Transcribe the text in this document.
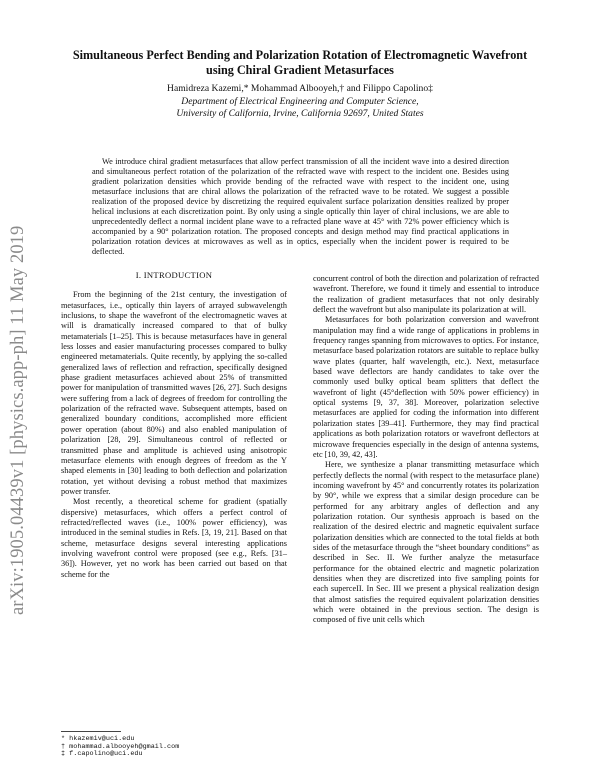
arXiv:1905.04439v1 [physics.app-ph] 11 May 2019
Simultaneous Perfect Bending and Polarization Rotation of Electromagnetic Wavefront using Chiral Gradient Metasurfaces
Hamidreza Kazemi,* Mohammad Albooyeh,† and Filippo Capolino‡
Department of Electrical Engineering and Computer Science,
University of California, Irvine, California 92697, United States
We introduce chiral gradient metasurfaces that allow perfect transmission of all the incident wave into a desired direction and simultaneous perfect rotation of the polarization of the refracted wave with respect to the incident one. Besides using gradient polarization densities which provide bending of the refracted wave with respect to the incident one, using metasurface inclusions that are chiral allows the polarization of the refracted wave to be rotated. We suggest a possible realization of the proposed device by discretizing the required equivalent surface polarization densities realized by proper helical inclusions at each discretization point. By only using a single optically thin layer of chiral inclusions, we are able to unprecedentedly deflect a normal incident plane wave to a refracted plane wave at 45° with 72% power efficiency which is accompanied by a 90° polarization rotation. The proposed concepts and design method may find practical applications in polarization rotation devices at microwaves as well as in optics, especially when the incident power is required to be deflected.
I. INTRODUCTION

From the beginning of the 21st century, the investigation of metasurfaces, i.e., optically thin layers of arrayed subwavelength inclusions, to shape the wavefront of the electromagnetic waves at will is dramatically increased compared to that of bulky metamaterials [1–25]. This is because metasurfaces have in general less losses and easier manufacturing processes compared to bulky engineered metamaterials. Quite recently, by applying the so-called generalized laws of reflection and refraction, specifically designed phase gradient metasurfaces achieved about 25% of transmitted power for manipulation of transmitted waves [26, 27]. Such designs were suffering from a lack of degrees of freedom for controlling the polarization of the refracted wave. Subsequent attempts, based on generalized boundary conditions, accomplished more efficient power operation (about 80%) and also enabled manipulation of polarization [28, 29]. Simultaneous control of reflected or transmitted phase and amplitude is achieved using anisotropic metasurface elements with enough degrees of freedom as the Y shaped elements in [30] leading to both deflection and polarization rotation, yet without devising a robust method that maximizes power transfer.

Most recently, a theoretical scheme for gradient (spatially dispersive) metasurfaces, which offers a perfect control of refracted/reflected waves (i.e., 100% power efficiency), was introduced in the seminal studies in Refs. [3, 19, 21]. Based on that scheme, metasurface designs several interesting applications involving wavefront control were proposed (see e.g., Refs. [31–36]). However, yet no work has been carried out based on that scheme for the

concurrent control of both the direction and polarization of refracted wavefront. Therefore, we found it timely and essential to introduce the realization of gradient metasurfaces that not only desirably deflect the wavefront but also manipulate its polarization at will.

Metasurfaces for both polarization conversion and wavefront manipulation may find a wide range of applications in problems in frequency ranges spanning from microwaves to optics. For instance, metasurface based polarization rotators are suitable to replace bulky wave plates (quarter, half wavelength, etc.). Next, metasurface based wave deflectors are handy candidates to take over the commonly used bulky optical beam splitters that deflect the wavefront of light (45°deflection with 50% power efficiency) in optical systems [9, 37, 38]. Moreover, polarization selective metasurfaces are applied for coding the information into different polarization states [39–41]. Furthermore, they may find practical applications as both polarization rotators or wavefront deflectors at microwave frequencies especially in the design of antenna systems, etc [10, 39, 42, 43].

Here, we synthesize a planar transmitting metasurface which perfectly deflects the normal (with respect to the metasurface plane) incoming wavefront by 45° and concurrently rotates its polarization by 90°, while we express that a similar design procedure can be performed for any arbitrary angles of deflection and any polarization rotation. Our synthesis approach is based on the realization of the desired electric and magnetic equivalent surface polarization densities which are connected to the total fields at both sides of the metasurface through the “sheet boundary conditions” as described in Sec. II. We further analyze the metasurface performance for the obtained electric and magnetic polarization densities when they are discretized into five sampling points for each superceII. In Sec. III we present a physical realization design that almost satisfies the required equivalent polarization densities which were obtained in the previous section. The design is composed of five unit cells which

* hkazemiv@uci.edu
† mohammad.albooyeh@gmail.com
‡ f.capolino@uci.edu
